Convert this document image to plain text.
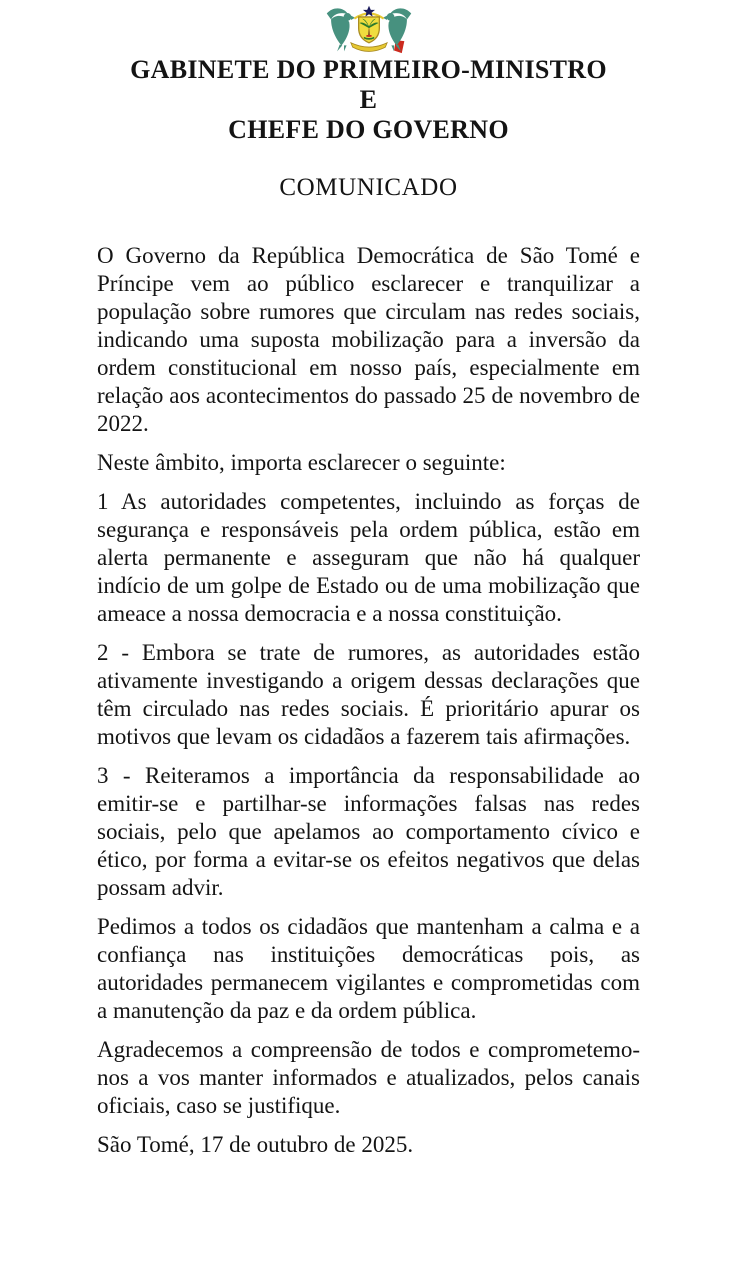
GABINETE DO PRIMEIRO-MINISTRO
E
CHEFE DO GOVERNO
COMUNICADO

O Governo da República Democrática de São Tomé e Príncipe vem ao público esclarecer e tranquilizar a população sobre rumores que circulam nas redes sociais, indicando uma suposta mobilização para a inversão da ordem constitucional em nosso país, especialmente em relação aos acontecimentos do passado 25 de novembro de 2022.

Neste âmbito, importa esclarecer o seguinte:

1 As autoridades competentes, incluindo as forças de segurança e responsáveis pela ordem pública, estão em alerta permanente e asseguram que não há qualquer indício de um golpe de Estado ou de uma mobilização que ameace a nossa democracia e a nossa constituição.

2 - Embora se trate de rumores, as autoridades estão ativamente investigando a origem dessas declarações que têm circulado nas redes sociais. É prioritário apurar os motivos que levam os cidadãos a fazerem tais afirmações.

3 - Reiteramos a importância da responsabilidade ao emitir-se e partilhar-se informações falsas nas redes sociais, pelo que apelamos ao comportamento cívico e ético, por forma a evitar-se os efeitos negativos que delas possam advir.

Pedimos a todos os cidadãos que mantenham a calma e a confiança nas instituições democráticas pois, as autoridades permanecem vigilantes e comprometidas com a manutenção da paz e da ordem pública.

Agradecemos a compreensão de todos e comprometemo-nos a vos manter informados e atualizados, pelos canais oficiais, caso se justifique.

São Tomé, 17 de outubro de 2025.
